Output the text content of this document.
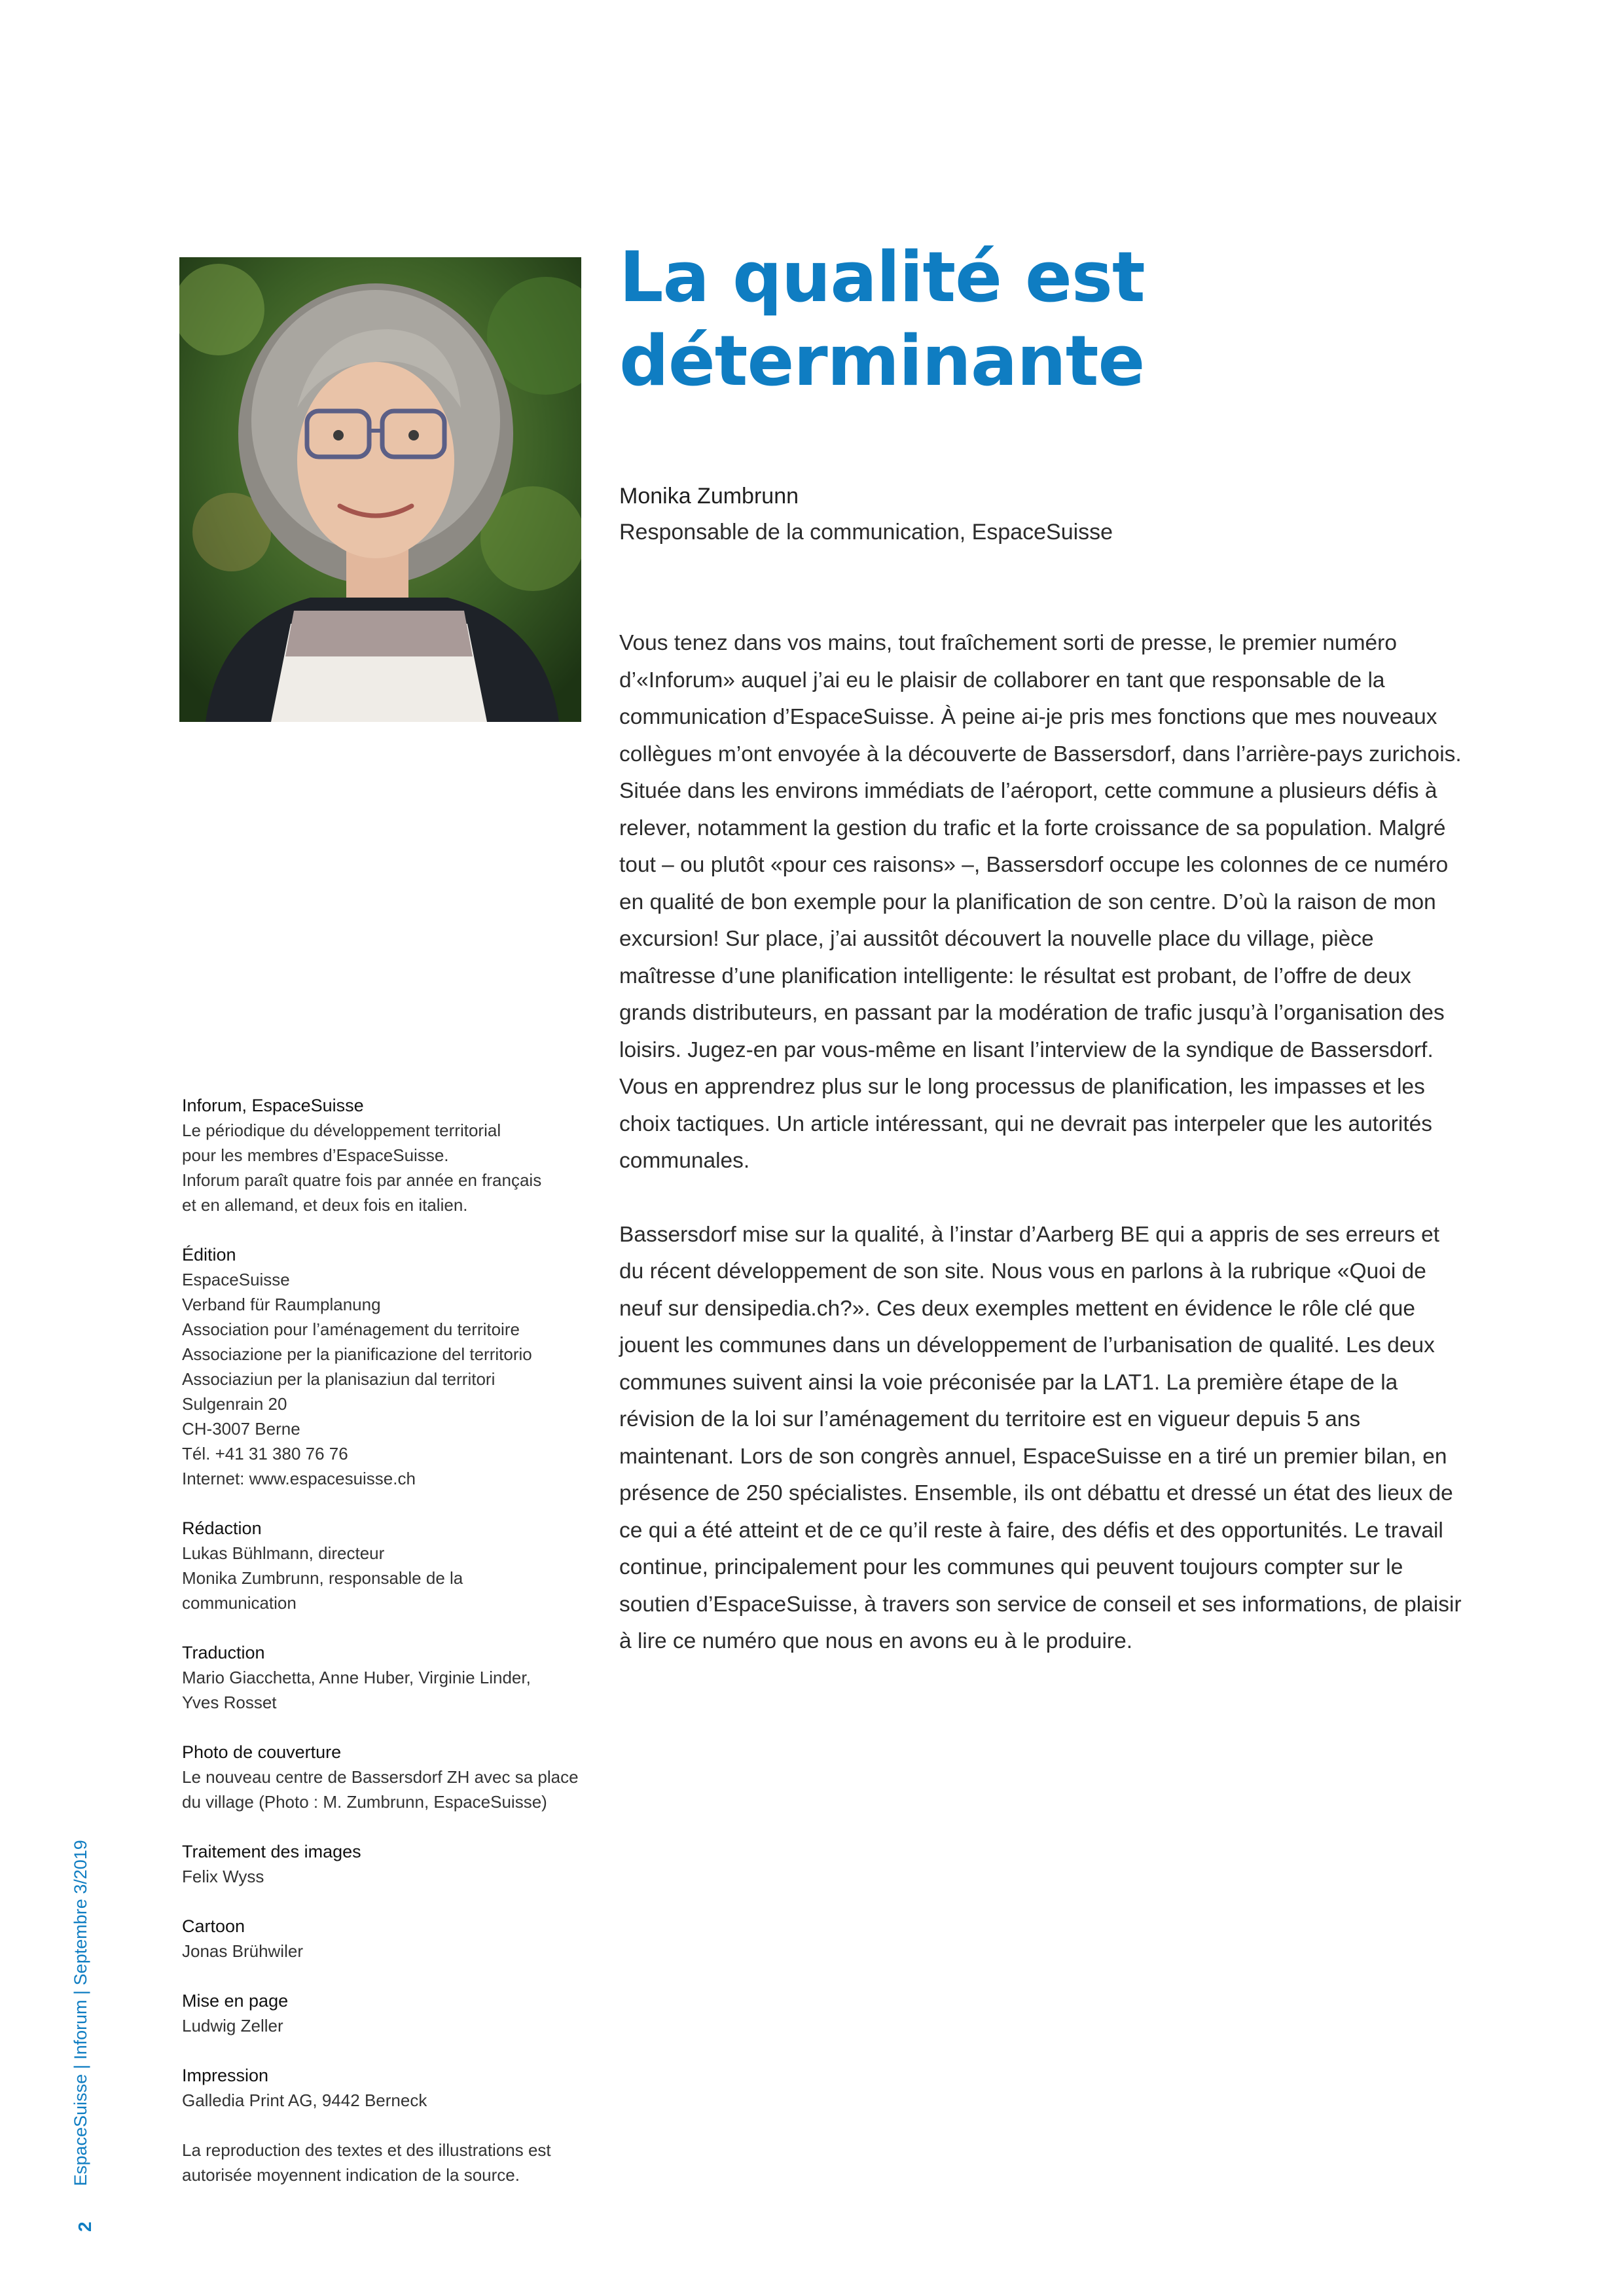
La qualité est
déterminante
Monika Zumbrunn
Responsable de la communication, EspaceSuisse

Vous tenez dans vos mains, tout fraîchement sorti de presse, le premier numéro d’«Inforum» auquel j’ai eu le plaisir de collaborer en tant que responsable de la communication d’EspaceSuisse. À peine ai-je pris mes fonctions que mes nouveaux collègues m’ont envoyée à la découverte de Bassersdorf, dans l’arrière-pays zurichois. Située dans les environs immédiats de l’aéroport, cette commune a plusieurs défis à relever, notamment la gestion du trafic et la forte croissance de sa population. Malgré tout – ou plutôt «pour ces raisons» –, Bassersdorf occupe les colonnes de ce numéro en qualité de bon exemple pour la planification de son centre. D’où la raison de mon excursion! Sur place, j’ai aussitôt découvert la nouvelle place du village, pièce maîtresse d’une planification intelligente: le résultat est probant, de l’offre de deux grands distributeurs, en passant par la modération de trafic jusqu’à l’organisation des loisirs. Jugez-en par vous-même en lisant l’interview de la syndique de Bassersdorf. Vous en apprendrez plus sur le long processus de planification, les impasses et les choix tactiques. Un article intéressant, qui ne devrait pas interpeler que les autorités communales.

Bassersdorf mise sur la qualité, à l’instar d’Aarberg BE qui a appris de ses erreurs et du récent développement de son site. Nous vous en parlons à la rubrique «Quoi de neuf sur densipedia.ch?». Ces deux exemples mettent en évidence le rôle clé que jouent les communes dans un développement de l’urbanisation de qualité. Les deux communes suivent ainsi la voie préconisée par la LAT1. La première étape de la révision de la loi sur l’aménagement du territoire est en vigueur depuis 5 ans maintenant. Lors de son congrès annuel, EspaceSuisse en a tiré un premier bilan, en présence de 250 spécialistes. Ensemble, ils ont débattu et dressé un état des lieux de ce qui a été atteint et de ce qu’il reste à faire, des défis et des opportunités. Le travail continue, principalement pour les communes qui peuvent toujours compter sur le soutien d’EspaceSuisse, à travers son service de conseil et ses informations, de plaisir à lire ce numéro que nous en avons eu à le produire.

Inforum, EspaceSuisse
Le périodique du développement territorial
pour les membres d’EspaceSuisse.
Inforum paraît quatre fois par année en français
et en allemand, et deux fois en italien.
Édition
EspaceSuisse
Verband für Raumplanung
Association pour l’aménagement du territoire
Associazione per la pianificazione del territorio
Associaziun per la planisaziun dal territori
Sulgenrain 20
CH-3007 Berne
Tél. +41 31 380 76 76
Internet: www.espacesuisse.ch
Rédaction
Lukas Bühlmann, directeur
Monika Zumbrunn, responsable de la
communication
Traduction
Mario Giacchetta, Anne Huber, Virginie Linder,
Yves Rosset
Photo de couverture
Le nouveau centre de Bassersdorf ZH avec sa place
du village (Photo : M. Zumbrunn, EspaceSuisse)
Traitement des images
Felix Wyss
Cartoon
Jonas Brühwiler
Mise en page
Ludwig Zeller
Impression
Galledia Print AG, 9442 Berneck
La reproduction des textes et des illustrations est
autorisée moyennent indication de la source.
EspaceSuisse | Inforum | Septembre 3/2019
2
